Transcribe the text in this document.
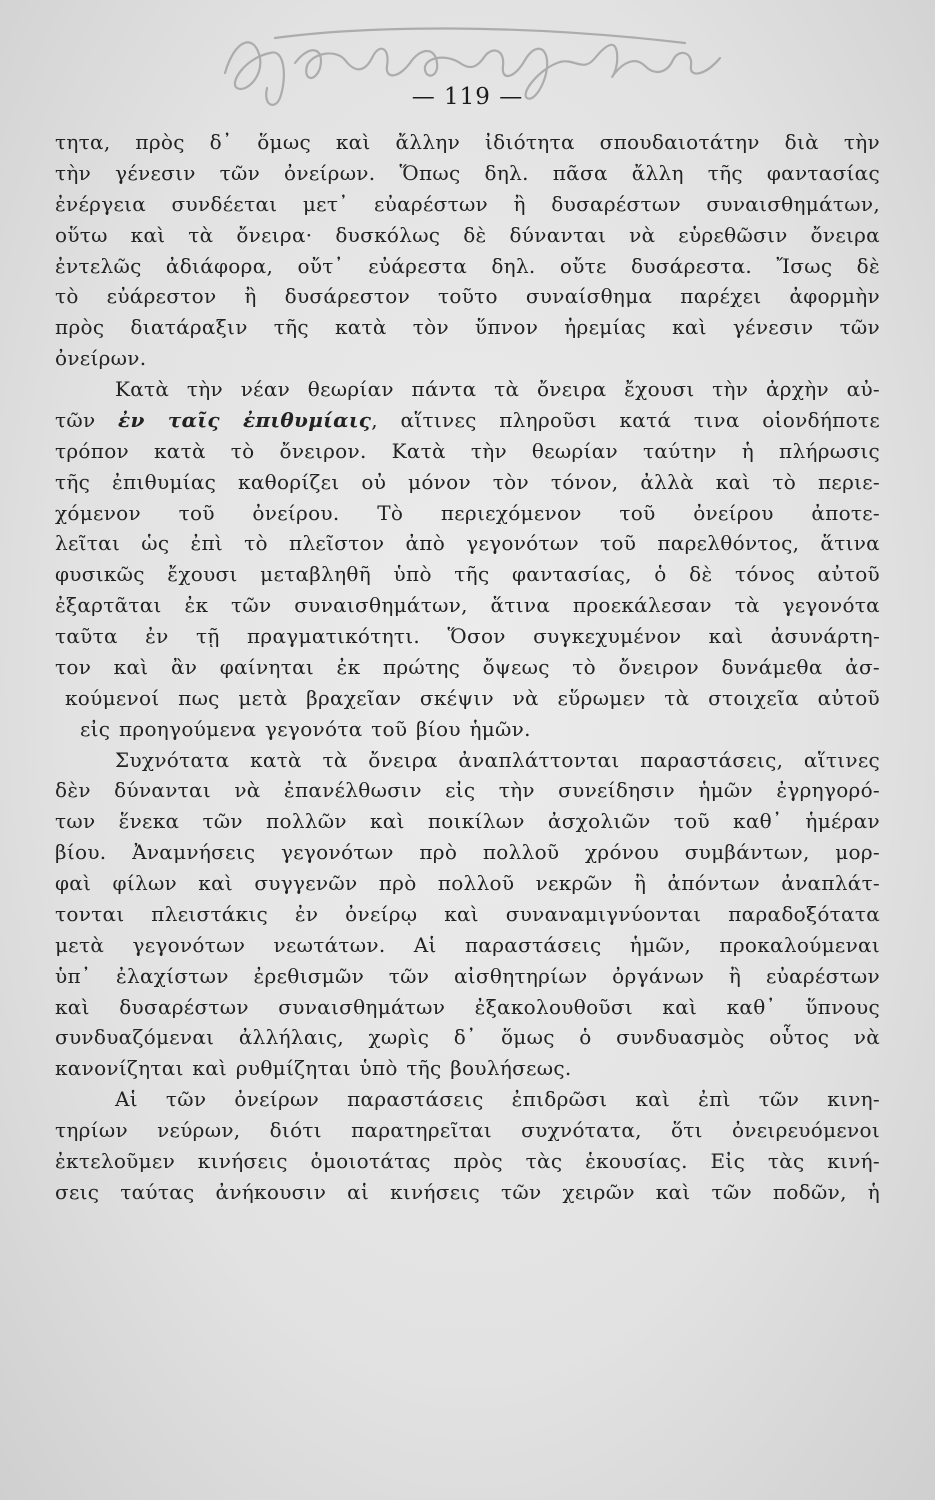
— 119 —
τητα, πρὸς δ᾿ ὅμως καὶ ἄλλην ἰδιότητα σπουδαιοτάτην διὰ τὴν
τὴν γένεσιν τῶν ὀνείρων. Ὅπως δηλ. πᾶσα ἄλλη τῆς φαντασίας
ἐνέργεια συνδέεται μετ᾿ εὐαρέστων ἢ δυσαρέστων συναισθημάτων,
οὕτω καὶ τὰ ὄνειρα· δυσκόλως δὲ δύνανται νὰ εὑρεθῶσιν ὄνειρα
ἐντελῶς ἀδιάφορα, οὔτ᾿ εὐάρεστα δηλ. οὔτε δυσάρεστα. Ἴσως δὲ
τὸ εὐάρεστον ἢ δυσάρεστον τοῦτο συναίσθημα παρέχει ἀφορμὴν
πρὸς διατάραξιν τῆς κατὰ τὸν ὕπνον ἠρεμίας καὶ γένεσιν τῶν
ὀνείρων.
Κατὰ τὴν νέαν θεωρίαν πάντα τὰ ὄνειρα ἔχουσι τὴν ἀρχὴν αὐ-
τῶν ἐν ταῖς ἐπιθυμίαις, αἵτινες πληροῦσι κατά τινα οἱονδήποτε
τρόπον κατὰ τὸ ὄνειρον. Κατὰ τὴν θεωρίαν ταύτην ἡ πλήρωσις
τῆς ἐπιθυμίας καθορίζει οὐ μόνον τὸν τόνον, ἀλλὰ καὶ τὸ περιε-
χόμενον τοῦ ὀνείρου. Τὸ περιεχόμενον τοῦ ὀνείρου ἀποτε-
λεῖται ὡς ἐπὶ τὸ πλεῖστον ἀπὸ γεγονότων τοῦ παρελθόντος, ἅτινα
φυσικῶς ἔχουσι μεταβληθῆ ὑπὸ τῆς φαντασίας, ὁ δὲ τόνος αὐτοῦ
ἐξαρτᾶται ἐκ τῶν συναισθημάτων, ἅτινα προεκάλεσαν τὰ γεγονότα
ταῦτα ἐν τῇ πραγματικότητι. Ὅσον συγκεχυμένον καὶ ἀσυνάρτη-
τον καὶ ἂν φαίνηται ἐκ πρώτης ὄψεως τὸ ὄνειρον δυνάμεθα ἀσ-
κούμενοί πως μετὰ βραχεῖαν σκέψιν νὰ εὕρωμεν τὰ στοιχεῖα αὐτοῦ
εἰς προηγούμενα γεγονότα τοῦ βίου ἡμῶν.
Συχνότατα κατὰ τὰ ὄνειρα ἀναπλάττονται παραστάσεις, αἵτινες
δὲν δύνανται νὰ ἐπανέλθωσιν εἰς τὴν συνείδησιν ἡμῶν ἐγρηγορό-
των ἕνεκα τῶν πολλῶν καὶ ποικίλων ἀσχολιῶν τοῦ καθ᾿ ἡμέραν
βίου. Ἀναμνήσεις γεγονότων πρὸ πολλοῦ χρόνου συμβάντων, μορ-
φαὶ φίλων καὶ συγγενῶν πρὸ πολλοῦ νεκρῶν ἢ ἀπόντων ἀναπλάτ-
τονται πλειστάκις ἐν ὀνείρῳ καὶ συναναμιγνύονται παραδοξότατα
μετὰ γεγονότων νεωτάτων. Αἱ παραστάσεις ἡμῶν, προκαλούμεναι
ὑπ᾿ ἐλαχίστων ἐρεθισμῶν τῶν αἰσθητηρίων ὀργάνων ἢ εὐαρέστων
καὶ δυσαρέστων συναισθημάτων ἐξακολουθοῦσι καὶ καθ᾿ ὕπνους
συνδυαζόμεναι ἀλλήλαις, χωρὶς δ᾿ ὅμως ὁ συνδυασμὸς οὗτος νὰ
κανονίζηται καὶ ρυθμίζηται ὑπὸ τῆς βουλήσεως.
Αἱ τῶν ὀνείρων παραστάσεις ἐπιδρῶσι καὶ ἐπὶ τῶν κινη-
τηρίων νεύρων, διότι παρατηρεῖται συχνότατα, ὅτι ὀνειρευόμενοι
ἐκτελοῦμεν κινήσεις ὁμοιοτάτας πρὸς τὰς ἑκουσίας. Εἰς τὰς κινή-
σεις ταύτας ἀνήκουσιν αἱ κινήσεις τῶν χειρῶν καὶ τῶν ποδῶν, ἡ
